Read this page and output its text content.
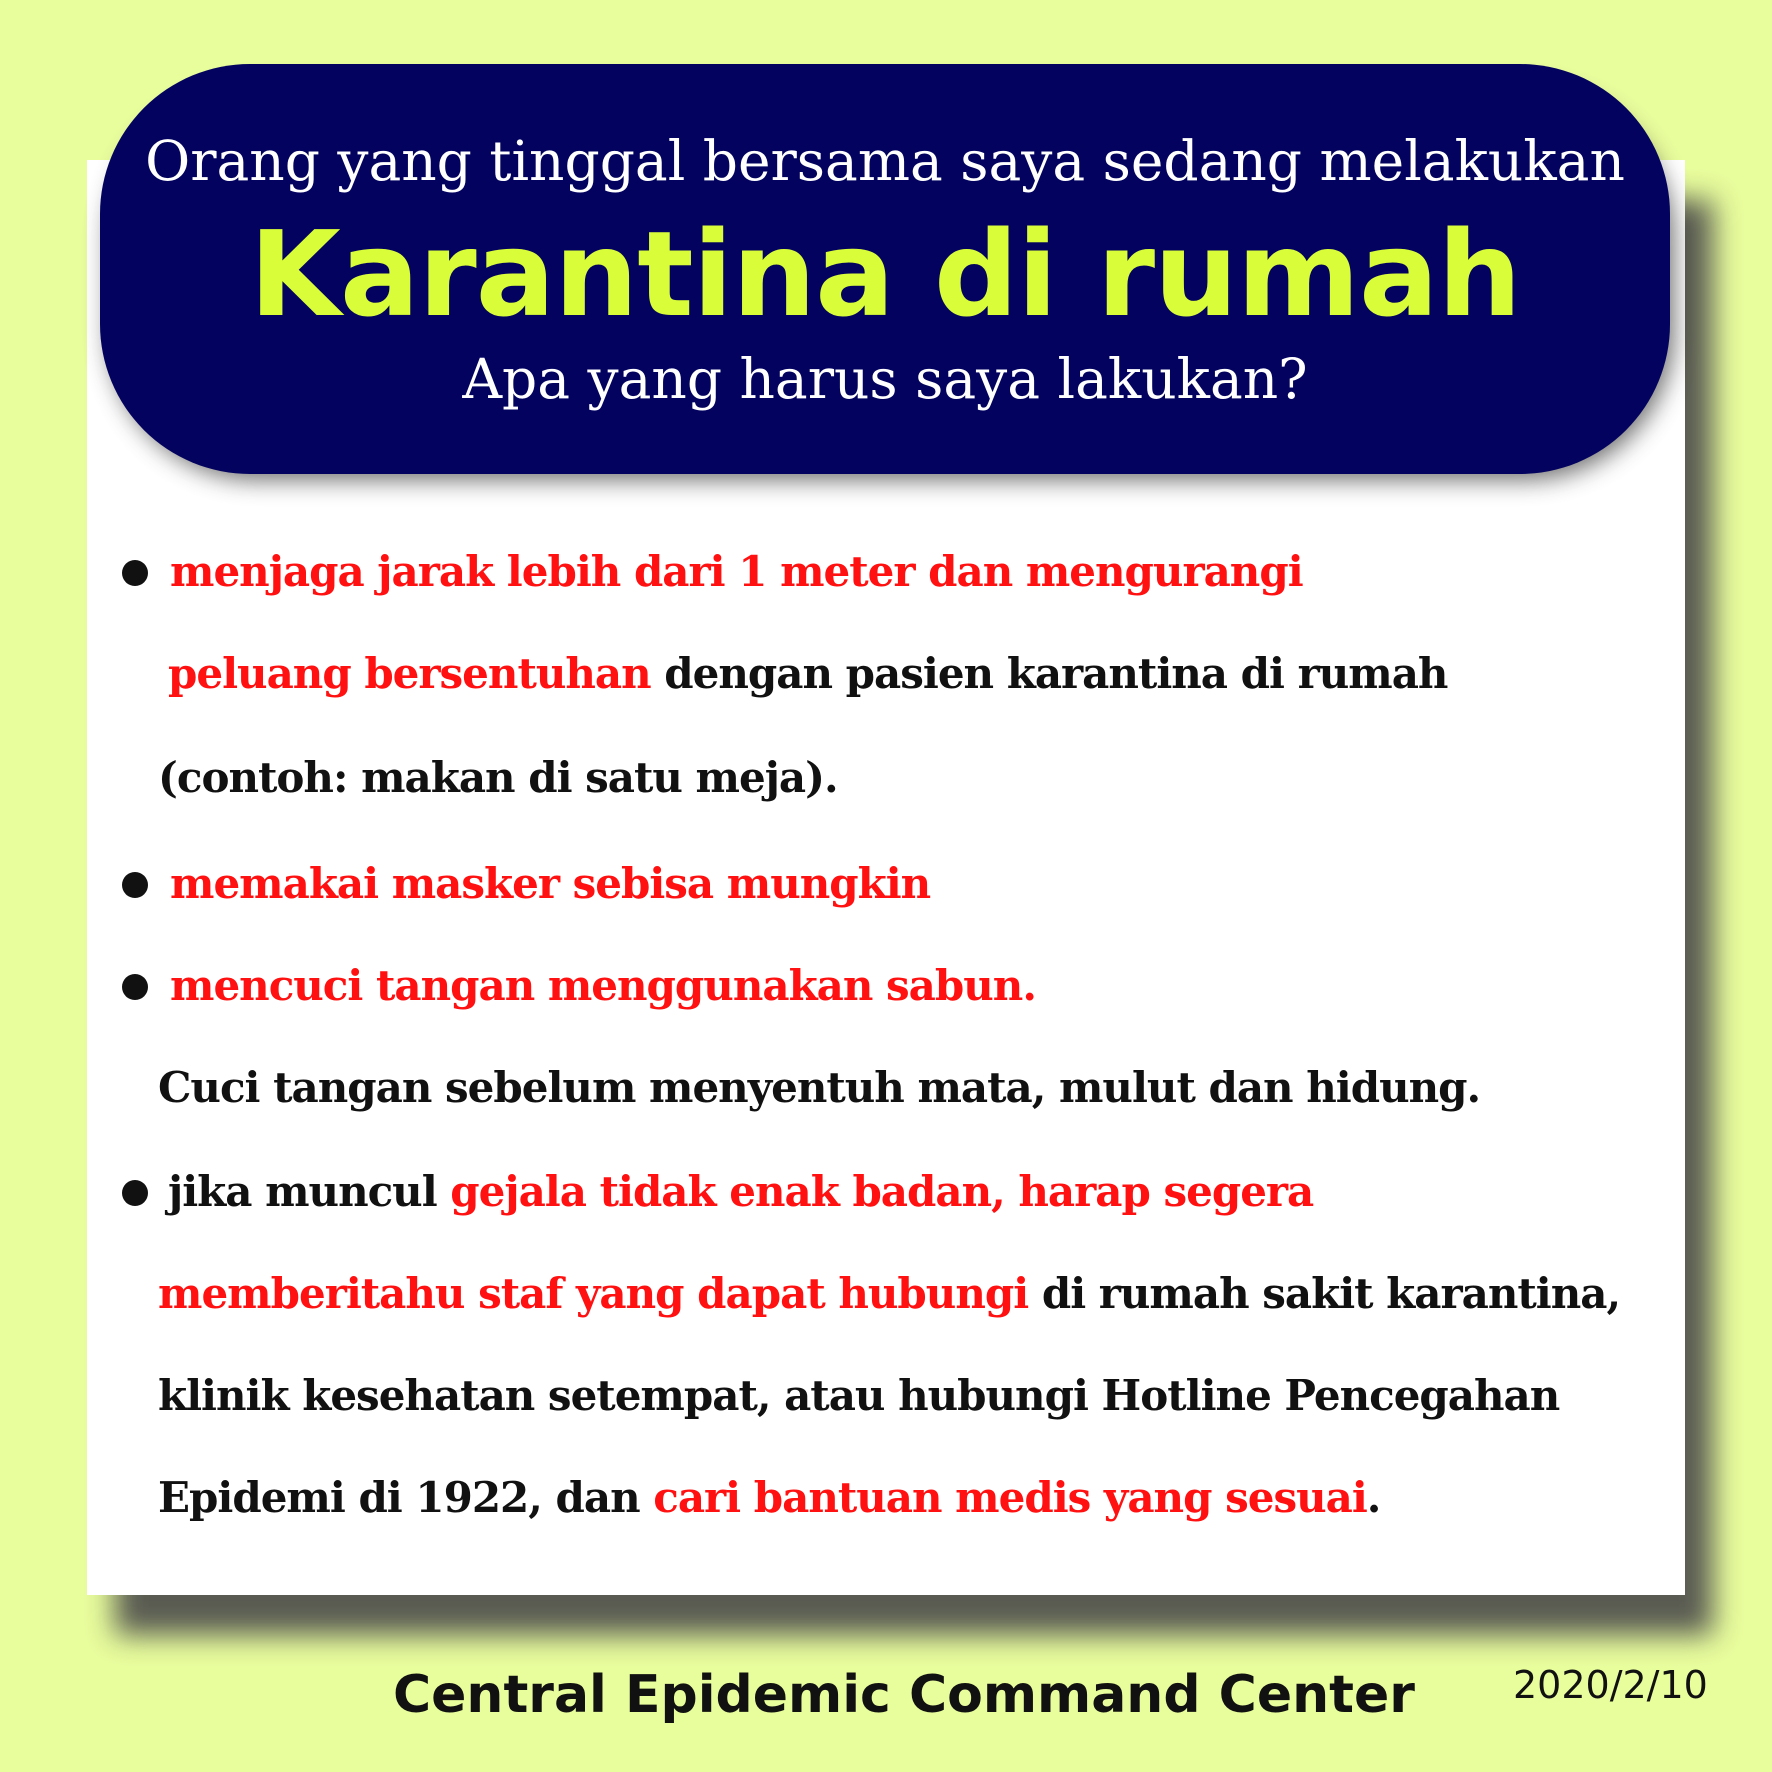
Orang yang tinggal bersama saya sedang melakukan
Karantina di rumah
Apa yang harus saya lakukan?
menjaga jarak lebih dari 1 meter dan mengurangi
peluang bersentuhan dengan pasien karantina di rumah
(contoh: makan di satu meja).
memakai masker sebisa mungkin
mencuci tangan menggunakan sabun.
Cuci tangan sebelum menyentuh mata, mulut dan hidung.
jika muncul gejala tidak enak badan, harap segera
memberitahu staf yang dapat hubungi di rumah sakit karantina,
klinik kesehatan setempat, atau hubungi Hotline Pencegahan
Epidemi di 1922, dan cari bantuan medis yang sesuai.
Central Epidemic Command Center	2020/2/10
